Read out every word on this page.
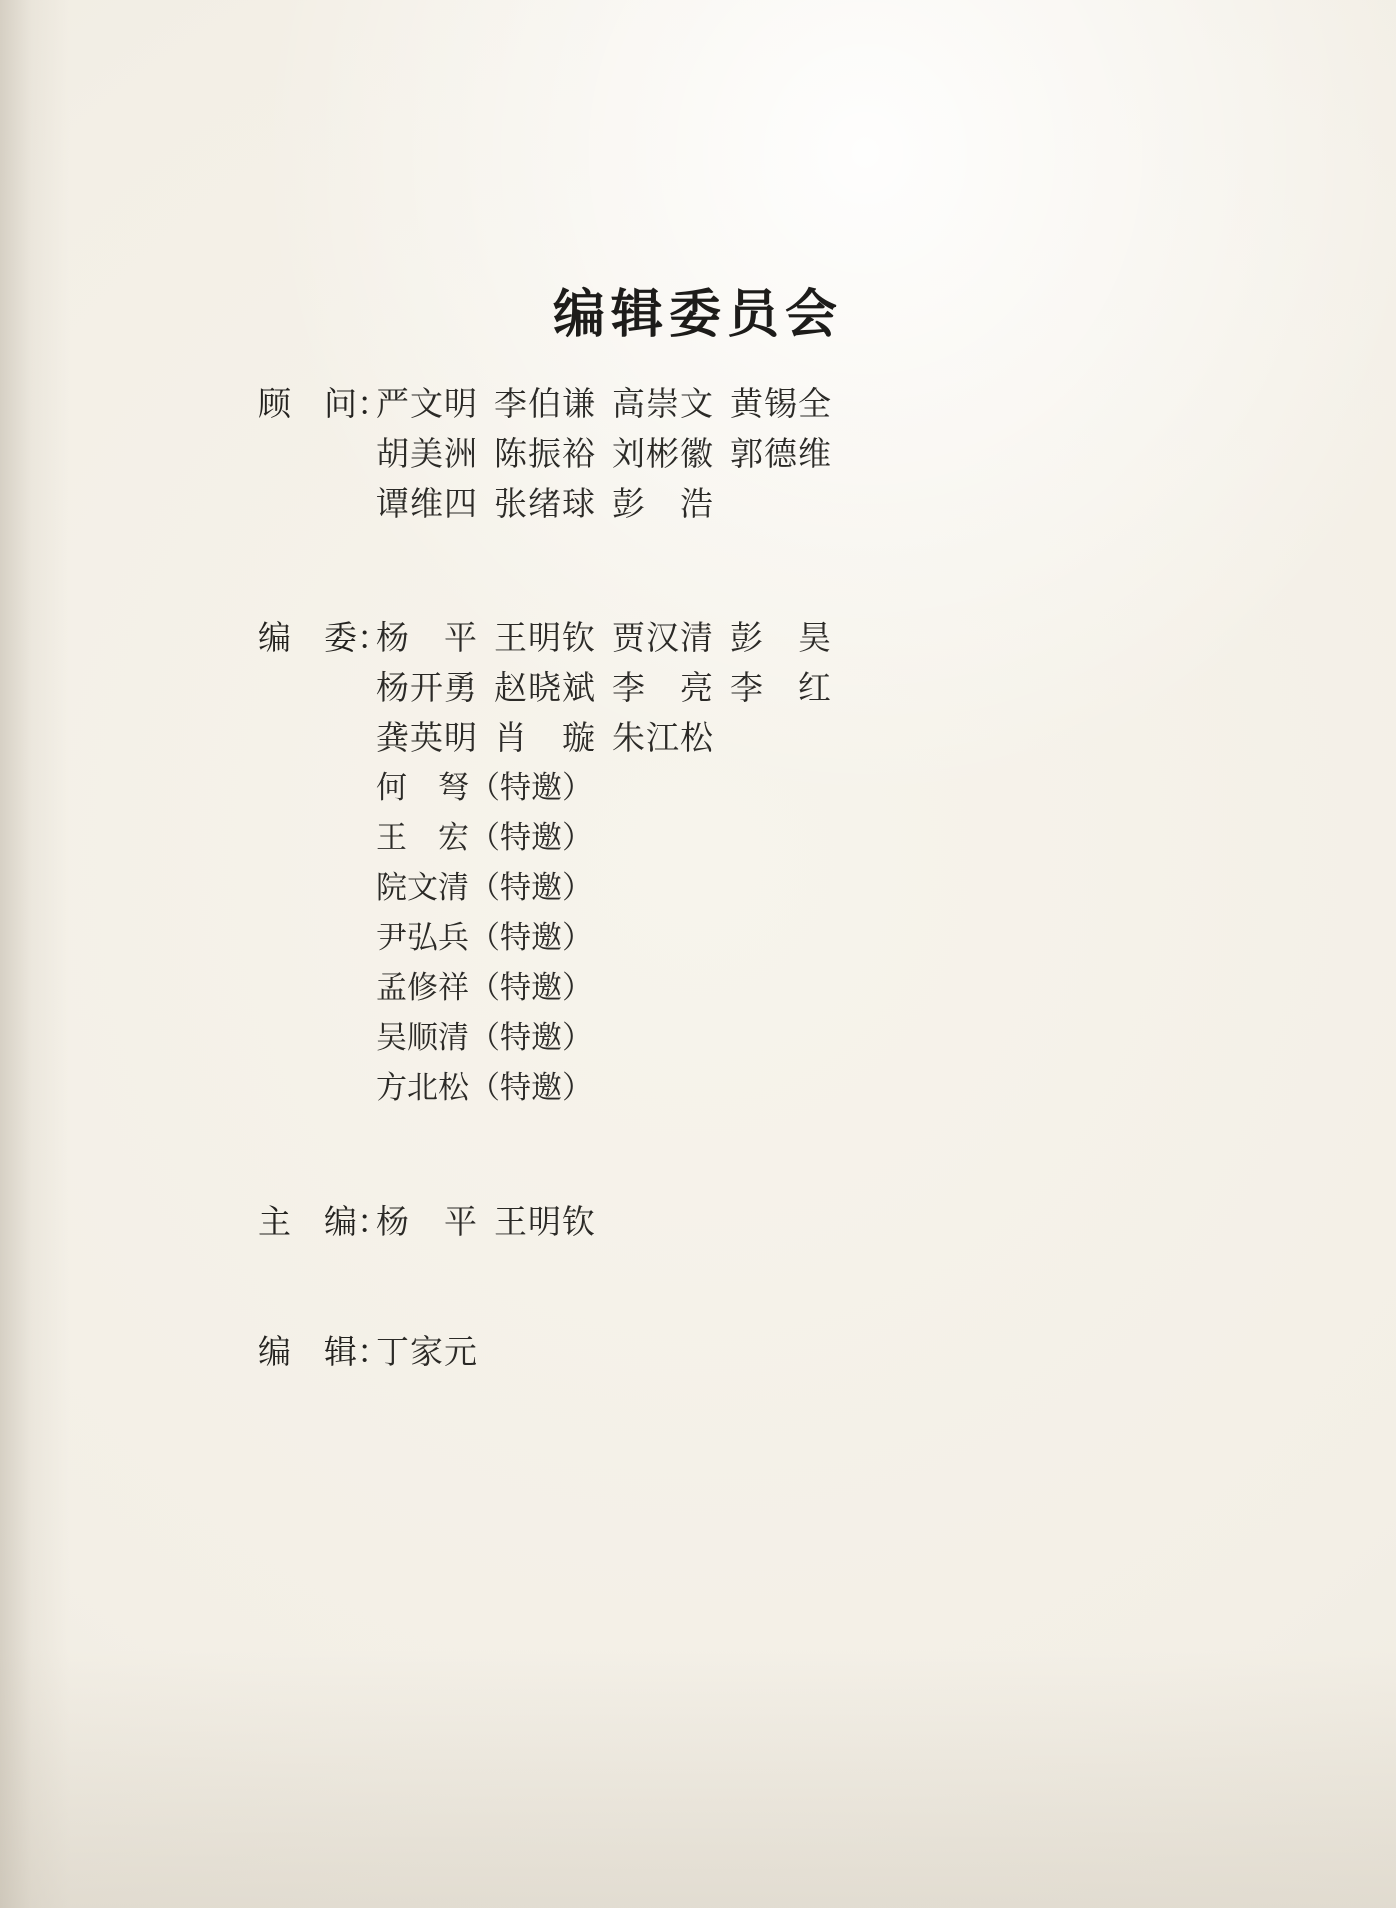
编辑委员会
顾　问：
严文明 李伯谦 高崇文 黄锡全
胡美洲 陈振裕 刘彬徽 郭德维
谭维四 张绪球 彭　浩
编　委：
杨　平 王明钦 贾汉清 彭　昊
杨开勇 赵晓斌 李　亮 李　红
龚英明 肖　璇 朱江松
何　弩（特邀）
王　宏（特邀）
院文清（特邀）
尹弘兵（特邀）
孟修祥（特邀）
吴顺清（特邀）
方北松（特邀）
主　编：
杨　平 王明钦
编　辑：
丁家元
